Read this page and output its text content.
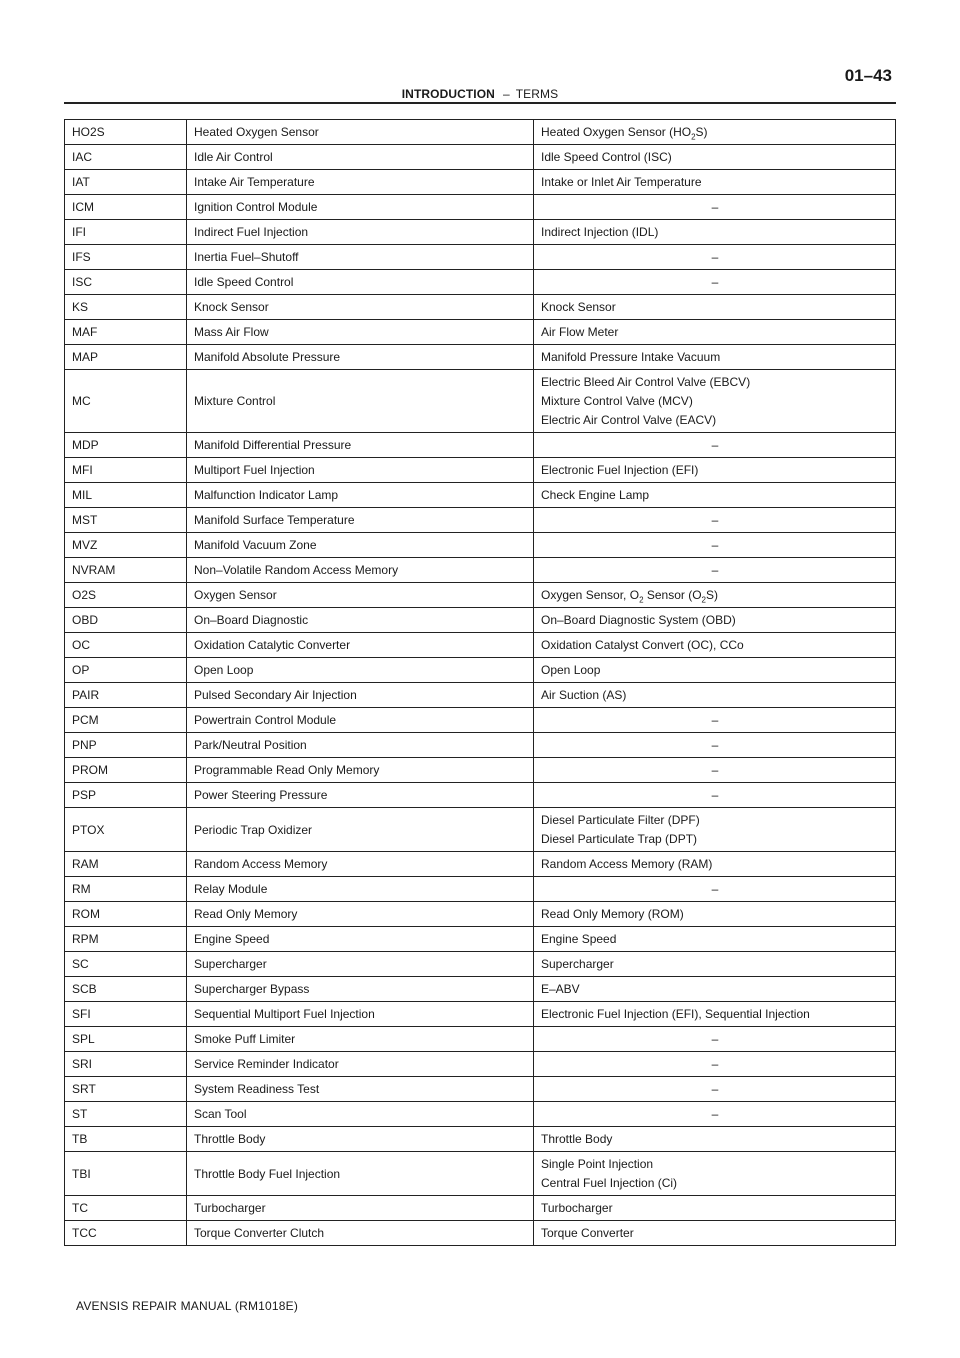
INTRODUCTION – TERMS
01–43
HO2S	Heated Oxygen Sensor	Heated Oxygen Sensor $(HO_2S)$

IAC	Idle Air Control	Idle Speed Control (ISC)

IAT	Intake Air Temperature	Intake or Inlet Air Temperature

ICM	Ignition Control Module	–
IFI	Indirect Fuel Injection	Indirect Injection (IDL)

IFS	Inertia Fuel–Shutoff	–
ISC	Idle Speed Control	–
KS	Knock Sensor	Knock Sensor

MAF	Mass Air Flow	Air Flow Meter

MAP	Manifold Absolute Pressure	Manifold Pressure Intake Vacuum

MC	Mixture Control	Electric Bleed Air Control Valve (EBCV)
Mixture Control Valve (MCV)
Electric Air Control Valve (EACV)

MDP	Manifold Differential Pressure	–
MFI	Multiport Fuel Injection	Electronic Fuel Injection (EFI)

MIL	Malfunction Indicator Lamp	Check Engine Lamp

MST	Manifold Surface Temperature	–
MVZ	Manifold Vacuum Zone	–
NVRAM	Non–Volatile Random Access Memory	–
O2S	Oxygen Sensor	Oxygen Sensor, $O_2$ Sensor $(O_2S)$

OBD	On–Board Diagnostic	On–Board Diagnostic System (OBD)

OC	Oxidation Catalytic Converter	Oxidation Catalyst Convert (OC), CCo

OP	Open Loop	Open Loop

PAIR	Pulsed Secondary Air Injection	Air Suction (AS)

PCM	Powertrain Control Module	–
PNP	Park/Neutral Position	–
PROM	Programmable Read Only Memory	–
PSP	Power Steering Pressure	–
PTOX	Periodic Trap Oxidizer	Diesel Particulate Filter (DPF)
Diesel Particulate Trap (DPT)

RAM	Random Access Memory	Random Access Memory (RAM)

RM	Relay Module	–
ROM	Read Only Memory	Read Only Memory (ROM)

RPM	Engine Speed	Engine Speed

SC	Supercharger	Supercharger

SCB	Supercharger Bypass	E–ABV

SFI	Sequential Multiport Fuel Injection	Electronic Fuel Injection (EFI), Sequential Injection

SPL	Smoke Puff Limiter	–
SRI	Service Reminder Indicator	–
SRT	System Readiness Test	–
ST	Scan Tool	–
TB	Throttle Body	Throttle Body

TBI	Throttle Body Fuel Injection	Single Point Injection
Central Fuel Injection (Ci)

TC	Turbocharger	Turbocharger

TCC	Torque Converter Clutch	Torque Converter
AVENSIS REPAIR MANUAL (RM1018E)
